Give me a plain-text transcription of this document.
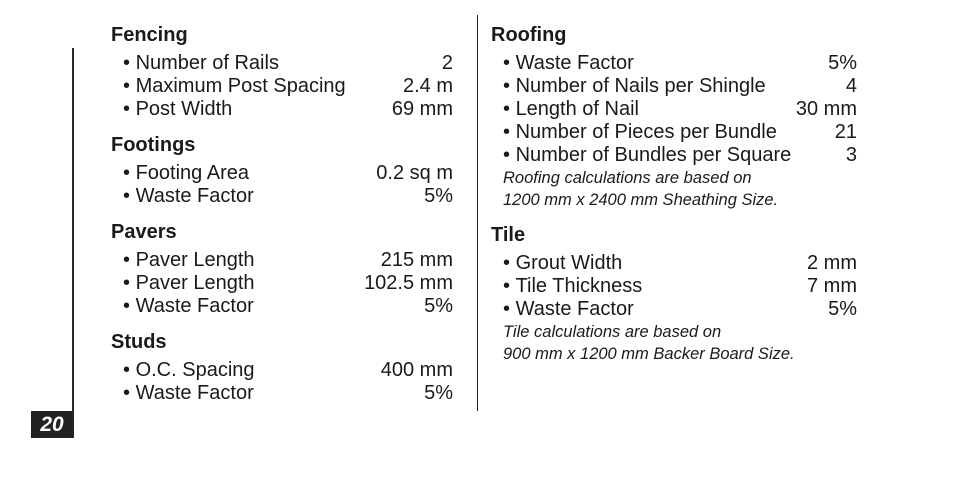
Fencing
• Number of Rails	2
• Maximum Post Spacing	2.4 m
• Post Width	69 mm
Footings
• Footing Area	0.2 sq m
• Waste Factor	5%
Pavers
• Paver Length	215 mm
• Paver Length	102.5 mm
• Waste Factor	5%
Studs
• O.C. Spacing	400 mm
• Waste Factor	5%
Roofing
• Waste Factor	5%
• Number of Nails per Shingle	4
• Length of Nail	30 mm
• Number of Pieces per Bundle	21
• Number of Bundles per Square	3
Roofing calculations are based on
1200 mm x 2400 mm Sheathing Size.
Tile
• Grout Width	2 mm
• Tile Thickness	7 mm
• Waste Factor	5%
Tile calculations are based on
900 mm x 1200 mm Backer Board Size.
20
